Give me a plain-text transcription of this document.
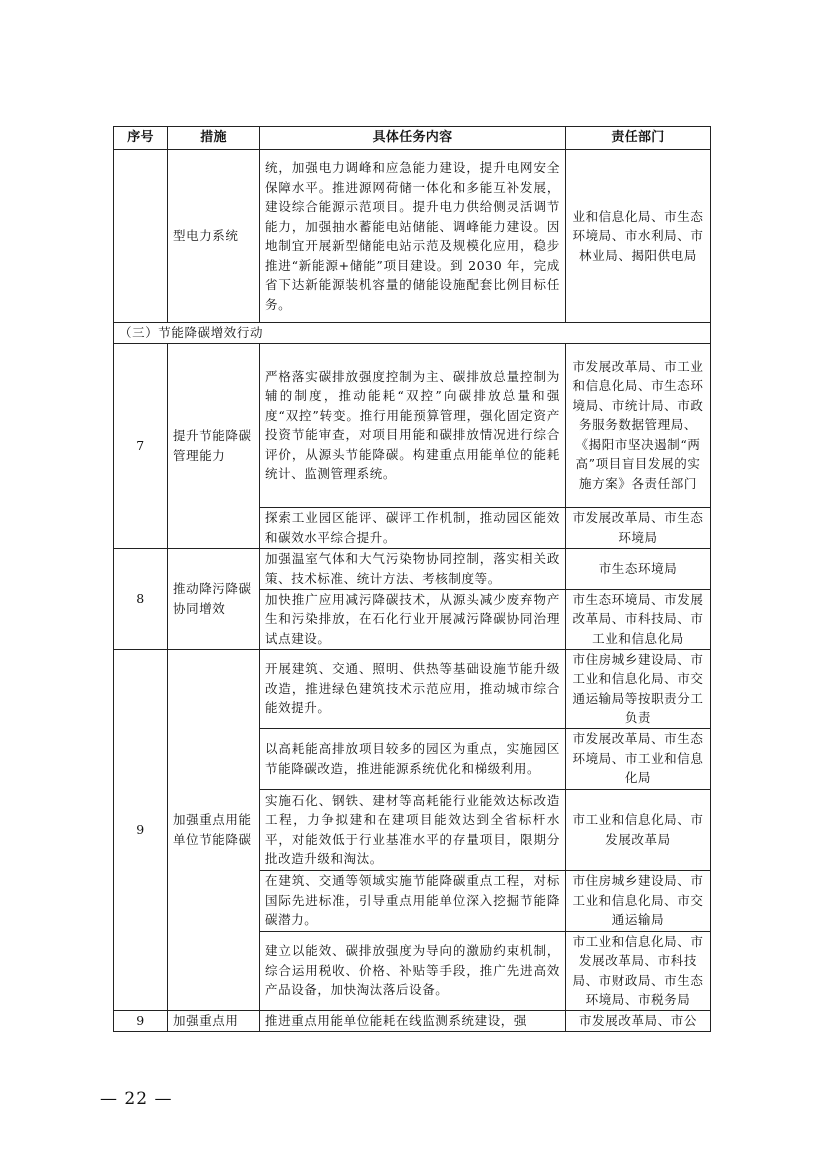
序号	措施	具体任务内容	责任部门
	型电力系统	统，加强电力调峰和应急能力建设，提升电网安全保障水平。推进源网荷储一体化和多能互补发展，建设综合能源示范项目。提升电力供给侧灵活调节能力，加强抽水蓄能电站储能、调峰能力建设。因地制宜开展新型储能电站示范及规模化应用，稳步推进“新能源+储能”项目建设。到 2030 年，完成省下达新能源装机容量的储能设施配套比例目标任务。	业和信息化局、市生态环境局、市水利局、市林业局、揭阳供电局
（三）节能降碳增效行动			
7	提升节能降碳管理能力	严格落实碳排放强度控制为主、碳排放总量控制为辅的制度，推动能耗“双控”向碳排放总量和强度“双控”转变。推行用能预算管理，强化固定资产投资节能审查，对项目用能和碳排放情况进行综合评价，从源头节能降碳。构建重点用能单位的能耗统计、监测管理系统。	市发展改革局、市工业和信息化局、市生态环境局、市统计局、市政务服务数据管理局、《揭阳市坚决遏制“两高”项目盲目发展的实施方案》各责任部门
		探索工业园区能评、碳评工作机制，推动园区能效和碳效水平综合提升。	市发展改革局、市生态环境局
8	推动降污降碳协同增效	加强温室气体和大气污染物协同控制，落实相关政策、技术标准、统计方法、考核制度等。	市生态环境局
		加快推广应用减污降碳技术，从源头减少废弃物产生和污染排放，在石化行业开展减污降碳协同治理试点建设。	市生态环境局、市发展改革局、市科技局、市工业和信息化局
9	加强重点用能单位节能降碳	开展建筑、交通、照明、供热等基础设施节能升级改造，推进绿色建筑技术示范应用，推动城市综合能效提升。	市住房城乡建设局、市工业和信息化局、市交通运输局等按职责分工负责
		以高耗能高排放项目较多的园区为重点，实施园区节能降碳改造，推进能源系统优化和梯级利用。	市发展改革局、市生态环境局、市工业和信息化局
		实施石化、钢铁、建材等高耗能行业能效达标改造工程，力争拟建和在建项目能效达到全省标杆水平，对能效低于行业基准水平的存量项目，限期分批改造升级和淘汰。	市工业和信息化局、市发展改革局
		在建筑、交通等领域实施节能降碳重点工程，对标国际先进标准，引导重点用能单位深入挖掘节能降碳潜力。	市住房城乡建设局、市工业和信息化局、市交通运输局
		建立以能效、碳排放强度为导向的激励约束机制，综合运用税收、价格、补贴等手段，推广先进高效产品设备，加快淘汰落后设备。	市工业和信息化局、市发展改革局、市科技局、市财政局、市生态环境局、市税务局
9	加强重点用	推进重点用能单位能耗在线监测系统建设，强	市发展改革局、市公
— 22 —
